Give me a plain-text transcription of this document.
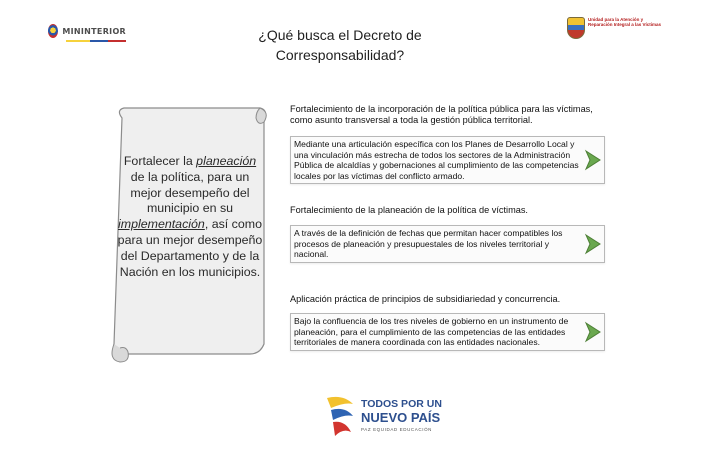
MININTERIOR
Unidad para la Atención y Reparación Integral a las Víctimas
¿Qué busca el Decreto de
Corresponsabilidad?
Fortalecer la planeación de la política, para un mejor desempeño del municipio en su implementación, así como para un mejor desempeño del Departamento y de la Nación en los municipios.
Fortalecimiento de la incorporación de la política pública para las víctimas, como asunto transversal a toda la gestión pública territorial.
Mediante una articulación específica con los Planes de Desarrollo Local y una vinculación más estrecha de todos los sectores de la Administración Pública de alcaldías y gobernaciones al cumplimiento de las competencias locales por las víctimas del conflicto armado.
Fortalecimiento de la planeación de la política de víctimas.
A través de la definición de fechas que permitan hacer compatibles los procesos de planeación y presupuestales de los niveles territorial y nacional.
Aplicación práctica de principios de subsidiariedad y concurrencia.
Bajo la confluencia de los tres niveles de gobierno en un instrumento de planeación, para el cumplimiento de las competencias de las entidades territoriales de manera coordinada con las entidades nacionales.
TODOS POR UN
NUEVO PAÍS
PAZ EQUIDAD EDUCACIÓN
